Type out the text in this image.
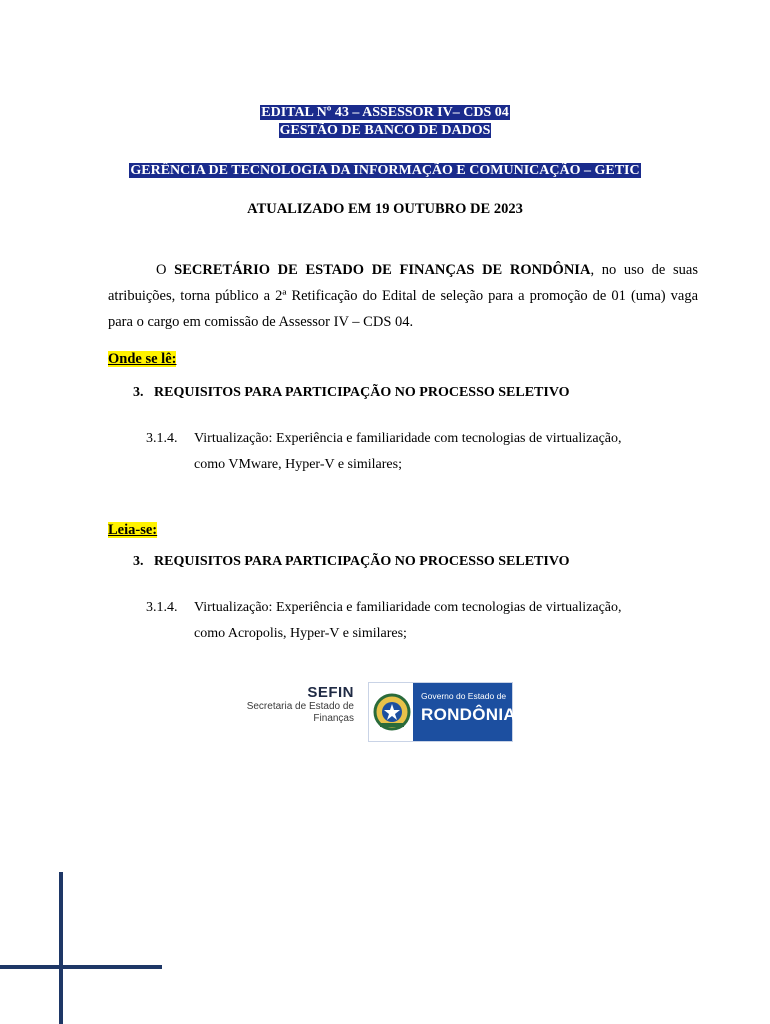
EDITAL Nº 43 – ASSESSOR IV– CDS 04
GESTÃO DE BANCO DE DADOS
GERÊNCIA DE TECNOLOGIA DA INFORMAÇÃO E COMUNICAÇÃO – GETIC
ATUALIZADO EM 19 OUTUBRO DE 2023
O SECRETÁRIO DE ESTADO DE FINANÇAS DE RONDÔNIA, no uso de suas atribuições, torna público a 2ª Retificação do Edital de seleção para a promoção de 01 (uma) vaga para o cargo em comissão de Assessor IV – CDS 04.
Onde se lê:
3.   REQUISITOS PARA PARTICIPAÇÃO NO PROCESSO SELETIVO
3.1.4. Virtualização: Experiência e familiaridade com tecnologias de virtualização,
como VMware, Hyper-V e similares;
Leia-se:
3.   REQUISITOS PARA PARTICIPAÇÃO NO PROCESSO SELETIVO
3.1.4. Virtualização: Experiência e familiaridade com tecnologias de virtualização,
como Acropolis, Hyper-V e similares;
SEFIN
Secretaria de Estado de
Finanças
Governo do Estado de
RONDÔNIA
